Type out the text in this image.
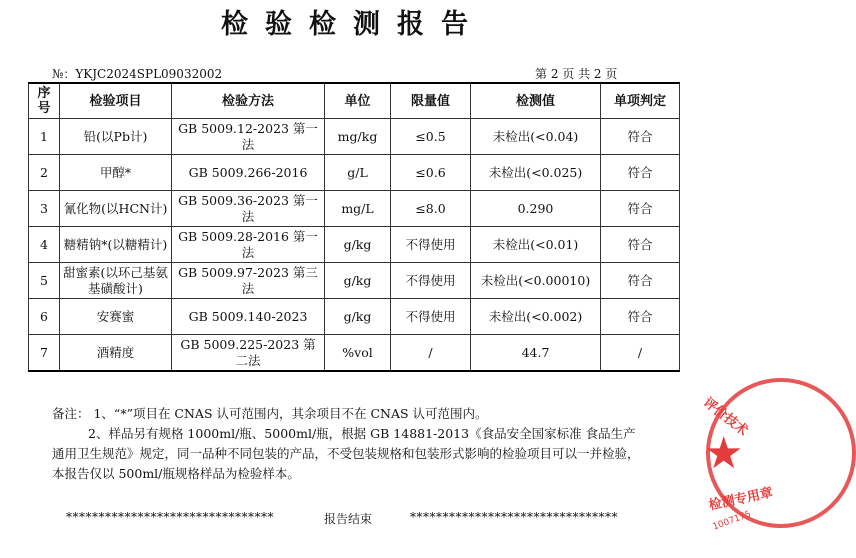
检验检测报告
№：YKJC2024SPL09032002	第 2 页 共 2 页
序号	检验项目	检验方法	单位	限量值	检测值	单项判定
1	铅(以Pb计)	GB 5009.12-2023 第一法	mg/kg	≤0.5	未检出(<0.04)	符合
2	甲醇*	GB 5009.266-2016	g/L	≤0.6	未检出(<0.025)	符合
3	氰化物(以HCN计)	GB 5009.36-2023 第一法	mg/L	≤8.0	0.290	符合
4	糖精钠*(以糖精计)	GB 5009.28-2016 第一法	g/kg	不得使用	未检出(<0.01)	符合
5	甜蜜素(以环己基氨基磺酸计)	GB 5009.97-2023 第三法	g/kg	不得使用	未检出(<0.00010)	符合
6	安赛蜜	GB 5009.140-2023	g/kg	不得使用	未检出(<0.002)	符合
7	酒精度	GB 5009.225-2023 第二法	%vol	/	44.7	/

备注： 1、“*”项目在 CNAS 认可范围内，其余项目不在 CNAS 认可范围内。

2、样品另有规格 1000ml/瓶、5000ml/瓶，根据 GB 14881-2013《食品安全国家标准 食品生产通用卫生规范》规定，同一品种不同包装的产品，不受包装规格和包装形式影响的检验项目可以一并检验，本报告仅以 500ml/瓶规格样品为检验样本。

********************************	报告结束	********************************
★
评价技术
检测专用章
1007175
